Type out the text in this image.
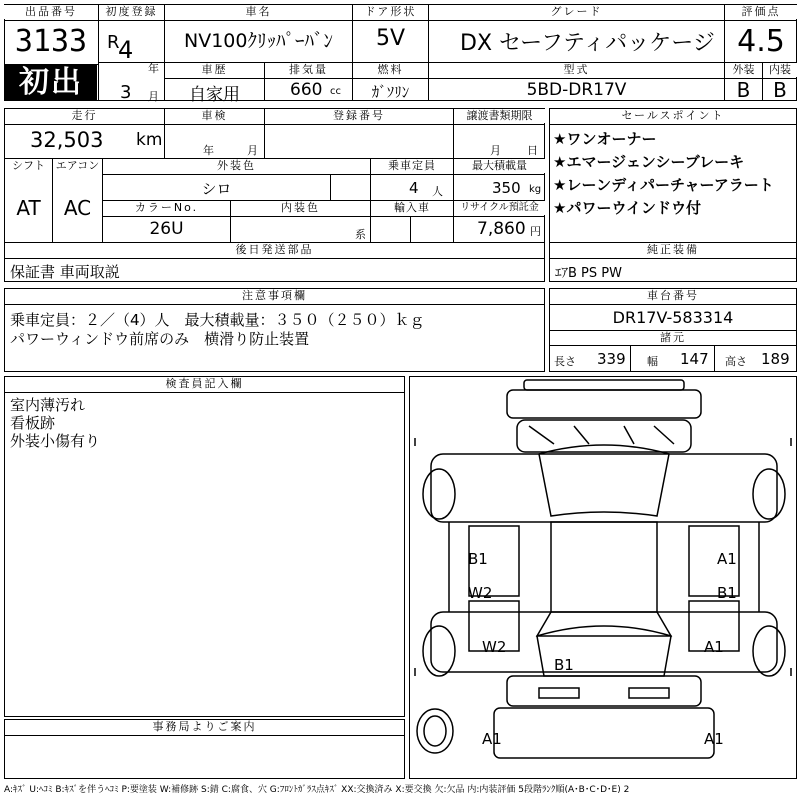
出品番号
3133
初出
初度登録
R
4
年
3 月
車名
NV100ｸﾘｯﾊﾟｰﾊﾞﾝ
ドア形状
5V
グレード
DX セーフティパッケージ
評価点
4.5
車歴
自家用
排気量
660 cc
燃料
ｶﾞｿﾘﾝ
型式
5BD-DR17V
外装	内装
B	B
走行
32,503 km
車検
年	月
登録番号	譲渡書類期限
月 日
シフト
AT
エアコン
AC
外装色
シロ
乗車定員
4 人
最大積載量
350 kg
カラーNo.
26U
内装色
系
輸入車	リサイクル預託金
7,860 円
セールスポイント
★ワンオーナー
★エマージェンシーブレーキ
★レーンディパーチャーアラート
★パワーウインドウ付
後日発送部品
保証書 車両取説
純正装備
ｴｱB PS PW
注意事項欄
乗車定員：２／（4）人　最大積載量：３５０（２５０）ｋｇ
パワーウィンドウ前席のみ　横滑り防止装置
車台番号
DR17V-583314
諸元
長さ 339 幅 147 高さ 189
検査員記入欄
室内薄汚れ
看板跡
外装小傷有り
事務局よりご案内
B1	A1
W2	B1
W2	A1
B1
A1	A1
A:ｷｽﾞ U:ﾍｺﾐ B:ｷｽﾞを伴うﾍｺﾐ P:要塗装 W:補修跡 S:錆 C:腐食、穴 G:ﾌﾛﾝﾄｶﾞﾗｽ点ｷｽﾞ XX:交換済み X:要交換 欠:欠品 内:内装評価 5段階ﾗﾝｸ順(A･B･C･D･E) 2
